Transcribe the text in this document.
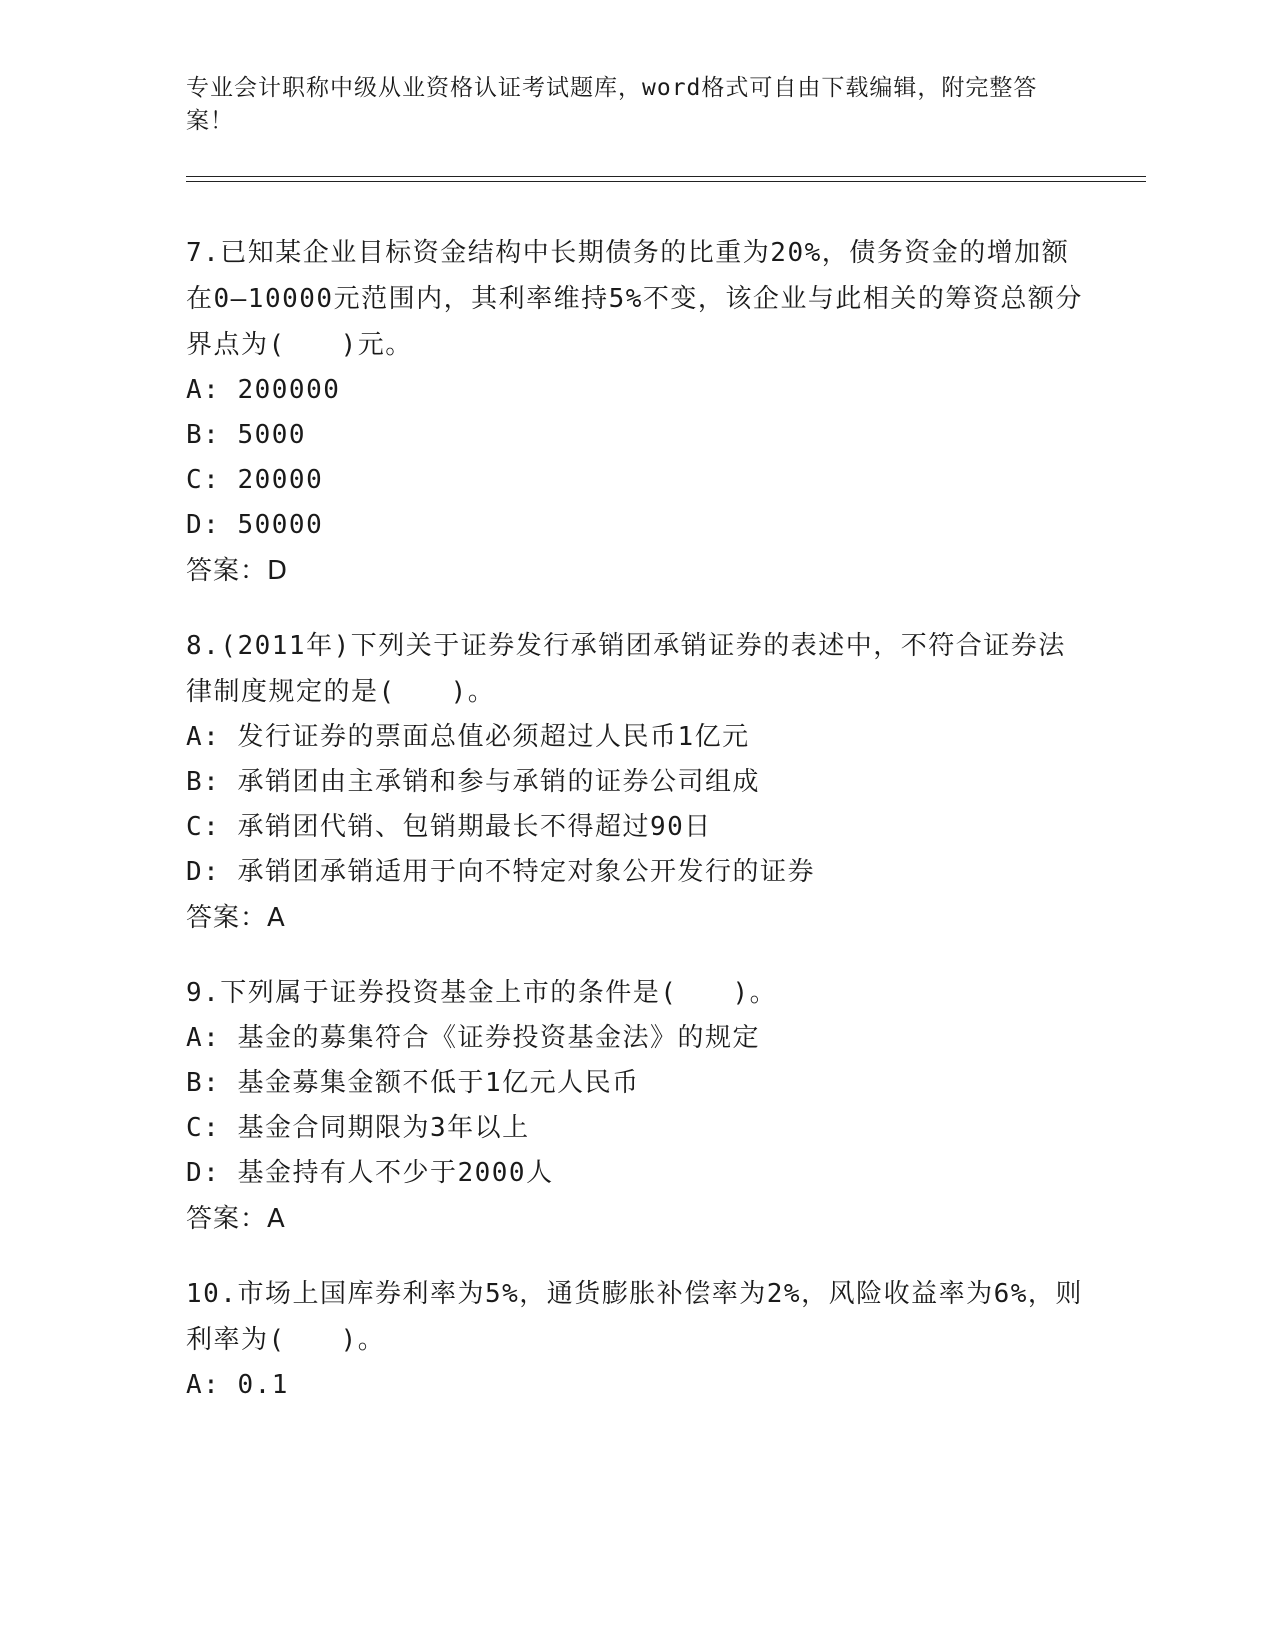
专业会计职称中级从业资格认证考试题库，word格式可自由下载编辑，附完整答案！

7.已知某企业目标资金结构中长期债务的比重为20%，债务资金的增加额在0—10000元范围内，其利率维持5%不变，该企业与此相关的筹资总额分界点为(　　)元。

A: 200000

B: 5000

C: 20000

D: 50000

答案：D

8.(2011年)下列关于证券发行承销团承销证券的表述中，不符合证券法律制度规定的是(　　)。

A: 发行证券的票面总值必须超过人民币1亿元

B: 承销团由主承销和参与承销的证券公司组成

C: 承销团代销、包销期最长不得超过90日

D: 承销团承销适用于向不特定对象公开发行的证券

答案：A

9.下列属于证券投资基金上市的条件是(　　)。

A: 基金的募集符合《证券投资基金法》的规定

B: 基金募集金额不低于1亿元人民币

C: 基金合同期限为3年以上

D: 基金持有人不少于2000人

答案：A

10.市场上国库券利率为5%，通货膨胀补偿率为2%，风险收益率为6%，则利率为(　　)。

A: 0.1
